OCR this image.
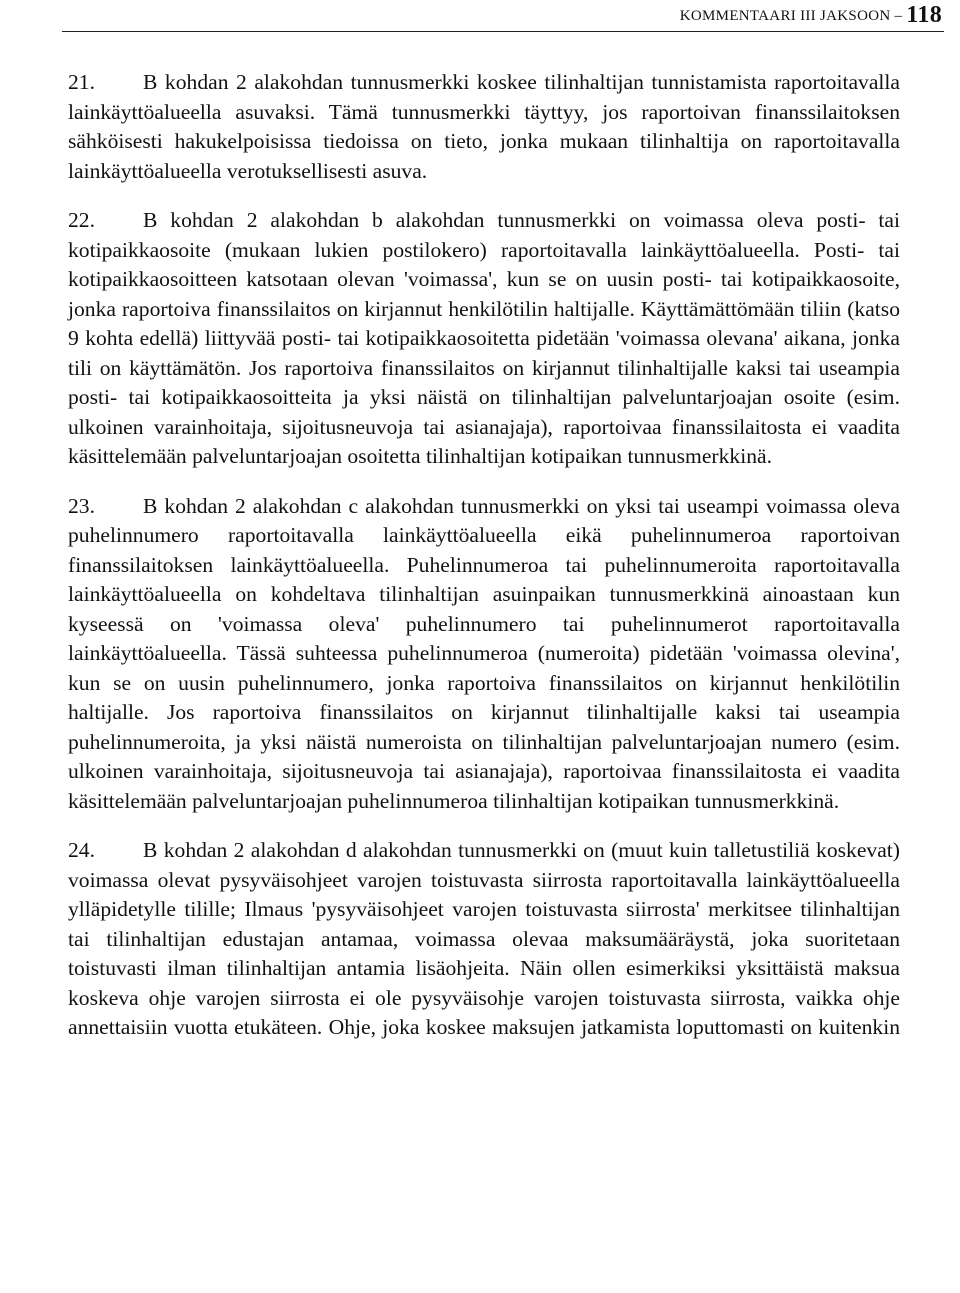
KOMMENTAARI III JAKSOON – 118

21. B kohdan 2 alakohdan tunnusmerkki koskee tilinhaltijan tunnistamista raportoitavalla lainkäyttöalueella asuvaksi. Tämä tunnusmerkki täyttyy, jos raportoivan finanssilaitoksen sähköisesti hakukelpoisissa tiedoissa on tieto, jonka mukaan tilinhaltija on raportoitavalla lainkäyttöalueella verotuksellisesti asuva.

22. B kohdan 2 alakohdan b alakohdan tunnusmerkki on voimassa oleva posti- tai kotipaikkaosoite (mukaan lukien postilokero) raportoitavalla lainkäyttöalueella. Posti- tai kotipaikkaosoitteen katsotaan olevan 'voimassa', kun se on uusin posti- tai kotipaikkaosoite, jonka raportoiva finanssilaitos on kirjannut henkilötilin haltijalle. Käyttämättömään tiliin (katso 9 kohta edellä) liittyvää posti- tai kotipaikkaosoitetta pidetään 'voimassa olevana' aikana, jonka tili on käyttämätön. Jos raportoiva finanssilaitos on kirjannut tilinhaltijalle kaksi tai useampia posti- tai kotipaikkaosoitteita ja yksi näistä on tilinhaltijan palveluntarjoajan osoite (esim. ulkoinen varainhoitaja, sijoitusneuvoja tai asianajaja), raportoivaa finanssilaitosta ei vaadita käsittelemään palveluntarjoajan osoitetta tilinhaltijan kotipaikan tunnusmerkkinä.

23. B kohdan 2 alakohdan c alakohdan tunnusmerkki on yksi tai useampi voimassa oleva puhelinnumero raportoitavalla lainkäyttöalueella eikä puhelinnumeroa raportoivan finanssilaitoksen lainkäyttöalueella. Puhelinnumeroa tai puhelinnumeroita raportoitavalla lainkäyttöalueella on kohdeltava tilinhaltijan asuinpaikan tunnusmerkkinä ainoastaan kun kyseessä on 'voimassa oleva' puhelinnumero tai puhelinnumerot raportoitavalla lainkäyttöalueella. Tässä suhteessa puhelinnumeroa (numeroita) pidetään 'voimassa olevina', kun se on uusin puhelinnumero, jonka raportoiva finanssilaitos on kirjannut henkilötilin haltijalle. Jos raportoiva finanssilaitos on kirjannut tilinhaltijalle kaksi tai useampia puhelinnumeroita, ja yksi näistä numeroista on tilinhaltijan palveluntarjoajan numero (esim. ulkoinen varainhoitaja, sijoitusneuvoja tai asianajaja), raportoivaa finanssilaitosta ei vaadita käsittelemään palveluntarjoajan puhelinnumeroa tilinhaltijan kotipaikan tunnusmerkkinä.

24. B kohdan 2 alakohdan d alakohdan tunnusmerkki on (muut kuin talletustiliä koskevat) voimassa olevat pysyväisohjeet varojen toistuvasta siirrosta raportoitavalla lainkäyttöalueella ylläpidetylle tilille; Ilmaus 'pysyväisohjeet varojen toistuvasta siirrosta' merkitsee tilinhaltijan tai tilinhaltijan edustajan antamaa, voimassa olevaa maksumääräystä, joka suoritetaan toistuvasti ilman tilinhaltijan antamia lisäohjeita. Näin ollen esimerkiksi yksittäistä maksua koskeva ohje varojen siirrosta ei ole pysyväisohje varojen toistuvasta siirrosta, vaikka ohje annettaisiin vuotta etukäteen. Ohje, joka koskee maksujen jatkamista loputtomasti on kuitenkin
